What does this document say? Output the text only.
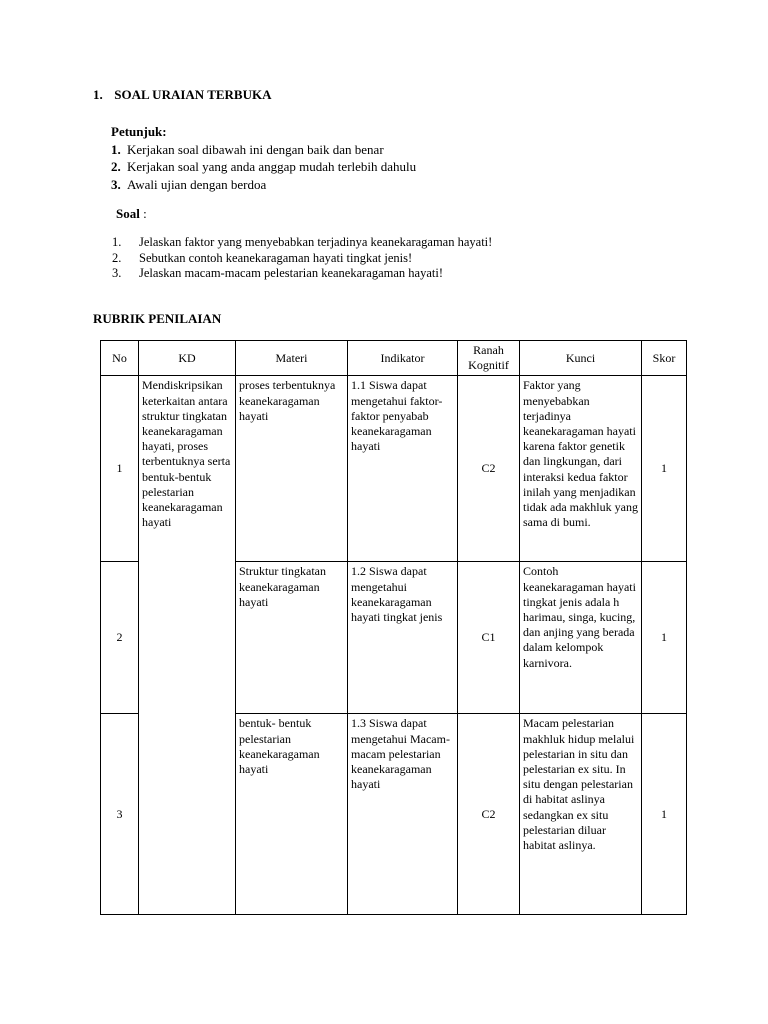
1. SOAL URAIAN TERBUKA
Petunjuk:
1. Kerjakan soal dibawah ini dengan baik dan benar
2. Kerjakan soal yang anda anggap mudah terlebih dahulu
3. Awali ujian dengan berdoa
Soal :
1. Jelaskan faktor yang menyebabkan terjadinya keanekaragaman hayati!
2. Sebutkan contoh keanekaragaman hayati tingkat jenis!
3. Jelaskan macam-macam pelestarian keanekaragaman hayati!
RUBRIK PENILAIAN
No	KD	Materi	Indikator	Ranah
Kognitif	Kunci	Skor
1	Mendiskripsikan keterkaitan antara struktur tingkatan keanekaragaman hayati, proses terbentuknya serta bentuk-bentuk pelestarian keanekaragaman hayati	proses terbentuknya keanekaragaman hayati	1.1 Siswa dapat mengetahui faktor-faktor penyabab keanekaragaman hayati	C2	Faktor yang menyebabkan terjadinya keanekaragaman hayati karena faktor genetik dan lingkungan, dari interaksi kedua faktor inilah yang menjadikan tidak ada makhluk yang sama di bumi.	1
2		Struktur tingkatan keanekaragaman hayati	1.2 Siswa dapat mengetahui keanekaragaman hayati tingkat jenis	C1	Contoh keanekaragaman hayati tingkat jenis adala h harimau, singa, kucing, dan anjing yang berada dalam kelompok karnivora.	1
3		bentuk- bentuk pelestarian keanekaragaman hayati	1.3 Siswa dapat mengetahui Macam-macam pelestarian keanekaragaman hayati	C2	Macam pelestarian makhluk hidup melalui pelestarian in situ dan pelestarian ex situ. In situ dengan pelestarian di habitat aslinya sedangkan ex situ pelestarian diluar habitat aslinya.	1
